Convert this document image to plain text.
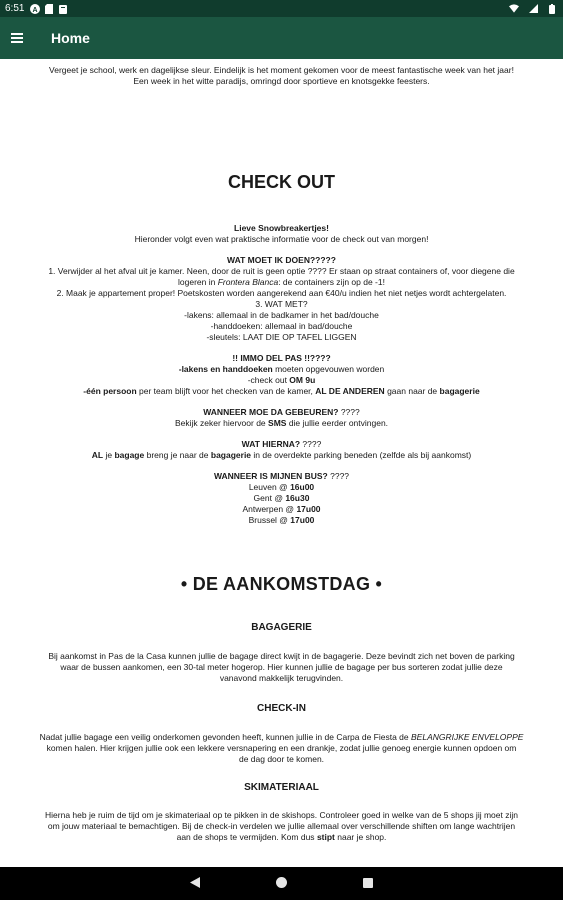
6:51 A
Home

Vergeet je school, werk en dagelijkse sleur. Eindelijk is het moment gekomen voor de meest fantastische week van het jaar!

Een week in het witte paradijs, omringd door sportieve en knotsgekke feesters.

CHECK OUT

Lieve Snowbreakertjes!

Hieronder volgt even wat praktische informatie voor de check out van morgen!

WAT MOET IK DOEN?????

1. Verwijder al het afval uit je kamer. Neen, door de ruit is geen optie ???? Er staan op straat containers of, voor diegene die

logeren in Frontera Blanca: de containers zijn op de -1!

2. Maak je appartement proper! Poetskosten worden aangerekend aan €40/u indien het niet netjes wordt achtergelaten.

3. WAT MET?

-lakens: allemaal in de badkamer in het bad/douche

-handdoeken: allemaal in bad/douche

-sleutels: LAAT DIE OP TAFEL LIGGEN

!! IMMO DEL PAS !!????

-lakens en handdoeken moeten opgevouwen worden

-check out OM 9u

-één persoon per team blijft voor het checken van de kamer, AL DE ANDEREN gaan naar de bagagerie

WANNEER MOE DA GEBEUREN? ????

Bekijk zeker hiervoor de SMS die jullie eerder ontvingen.

WAT HIERNA? ????

AL je bagage breng je naar de bagagerie in de overdekte parking beneden (zelfde als bij aankomst)

WANNEER IS MIJNEN BUS? ????

Leuven @ 16u00

Gent @ 16u30

Antwerpen @ 17u00

Brussel @ 17u00

• DE AANKOMSTDAG •

BAGAGERIE

Bij aankomst in Pas de la Casa kunnen jullie de bagage direct kwijt in de bagagerie. Deze bevindt zich net boven de parking

waar de bussen aankomen, een 30-tal meter hogerop. Hier kunnen jullie de bagage per bus sorteren zodat jullie deze

vanavond makkelijk terugvinden.

CHECK-IN

Nadat jullie bagage een veilig onderkomen gevonden heeft, kunnen jullie in de Carpa de Fiesta de BELANGRIJKE ENVELOPPE

komen halen. Hier krijgen jullie ook een lekkere versnapering en een drankje, zodat jullie genoeg energie kunnen opdoen om

de dag door te komen.

SKIMATERIAAL

Hierna heb je ruim de tijd om je skimateriaal op te pikken in de skishops. Controleer goed in welke van de 5 shops jij moet zijn

om jouw materiaal te bemachtigen. Bij de check-in verdelen we jullie allemaal over verschillende shiften om lange wachtrijen

aan de shops te vermijden. Kom dus stipt naar je shop.
